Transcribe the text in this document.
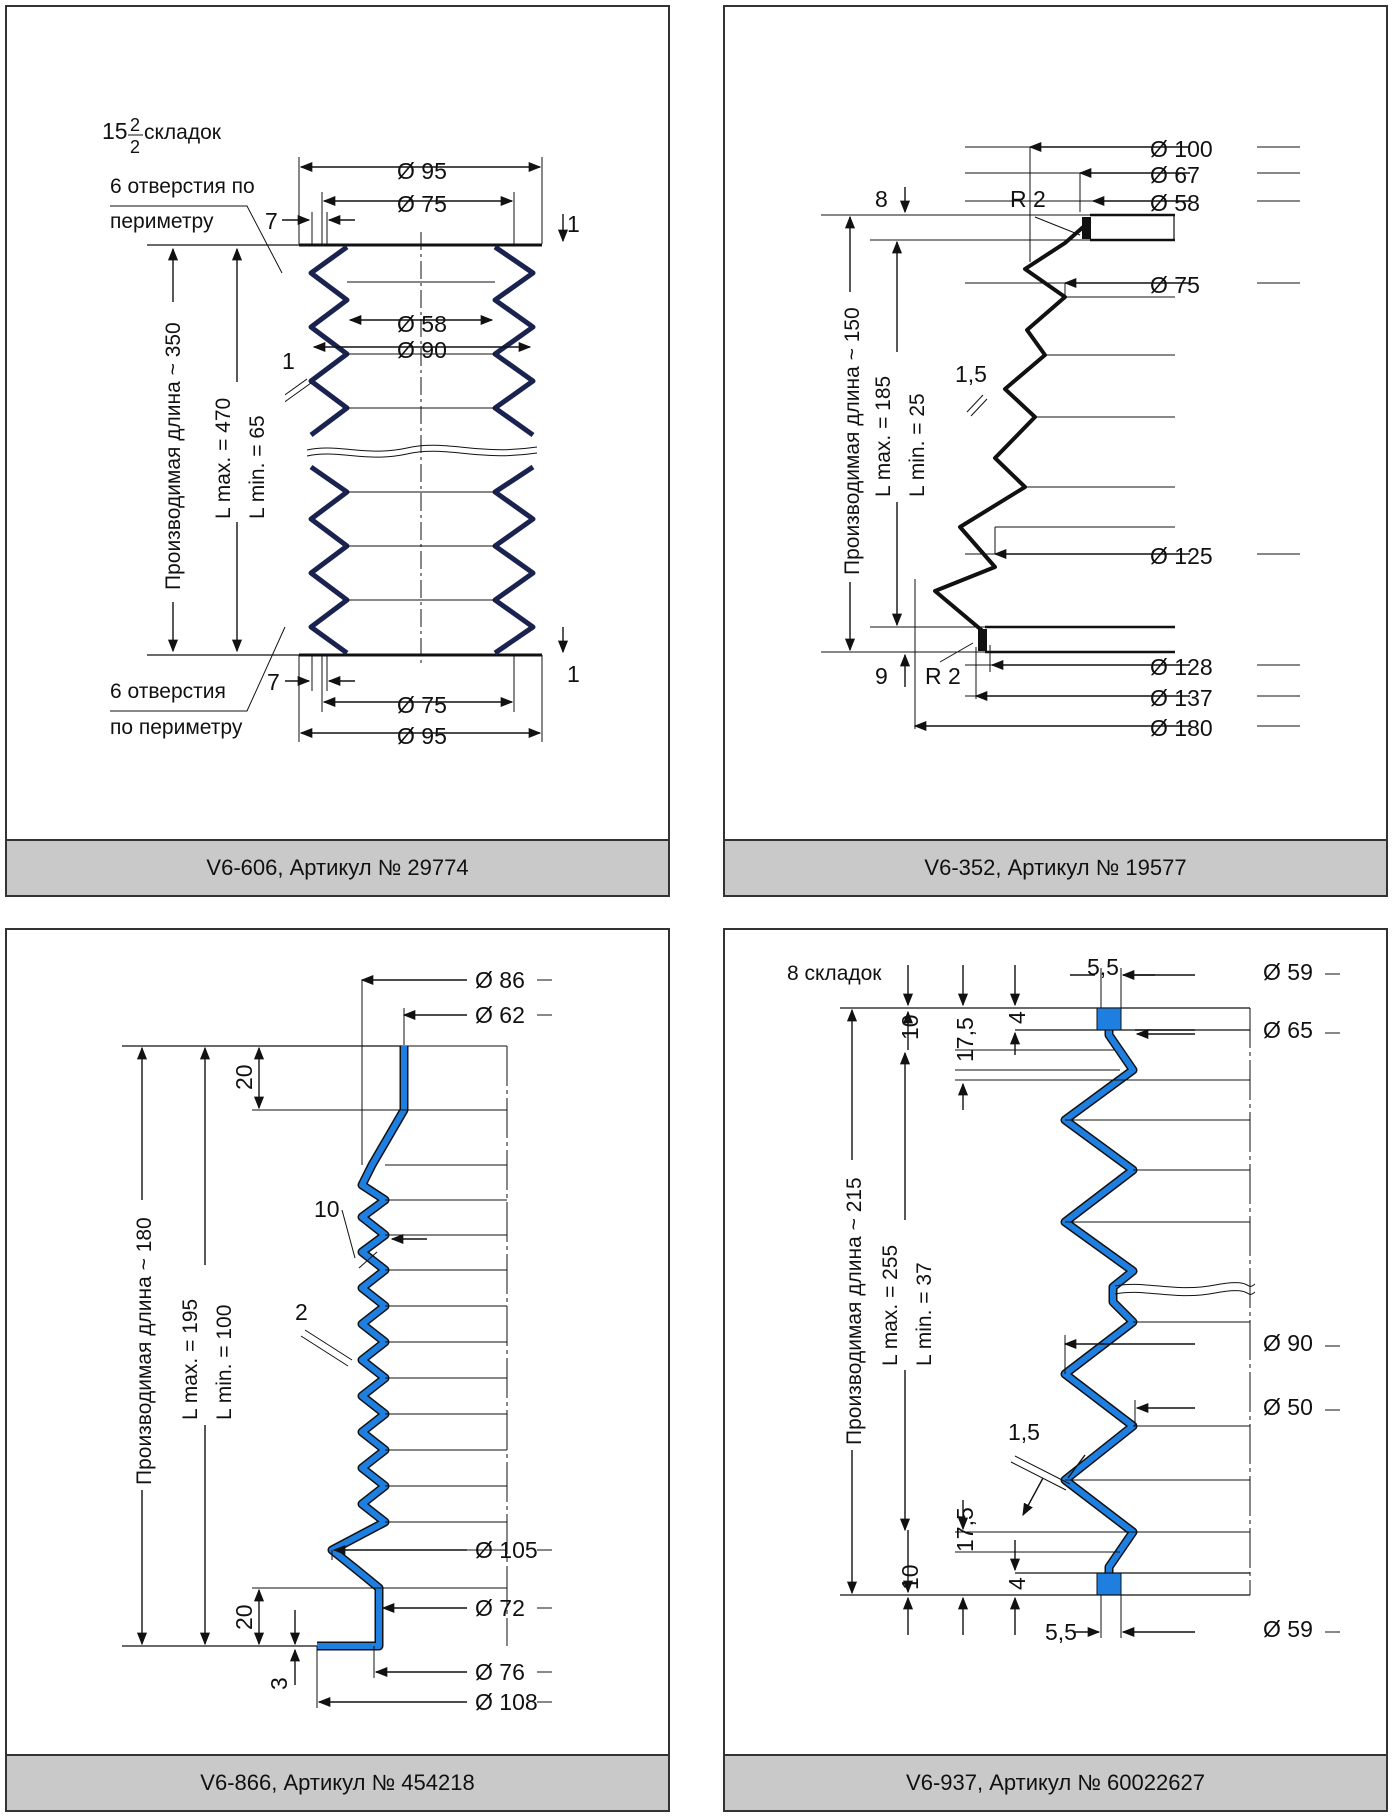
15 2
2
складок
6 отверстия по
периметру
6 отверстия
по периметру
Ø 95
Ø 75
7	1
Ø 58
Ø 90
1
Производимая длина ~ 350 L max. = 470 L min. = 65
7	1
Ø 75
Ø 95
V6-606, Артикул № 29774
Ø 100
Ø 67
Ø 58
Ø 75
Ø 125
Ø 128
Ø 137
Ø 180
R 2
R 2
1,5
8
9
Производимая длина ~ 150 L max. = 185 L min. = 25
V6-352, Артикул № 19577
Ø 86
Ø 62
20
20
10
2
3
Ø 105
Ø 72
Ø 76
Ø 108
Производимая длина ~ 180 L max. = 195 L min. = 100
V6-866, Артикул № 454218
8 складок	5,5	Ø 59
Ø 65
Ø 90
Ø 50
1,5
10 17,5 4
10
17,5
4
5,5	Ø 59
Производимая длина ~ 215 L max. = 255 L min. = 37
V6-937, Артикул № 60022627
